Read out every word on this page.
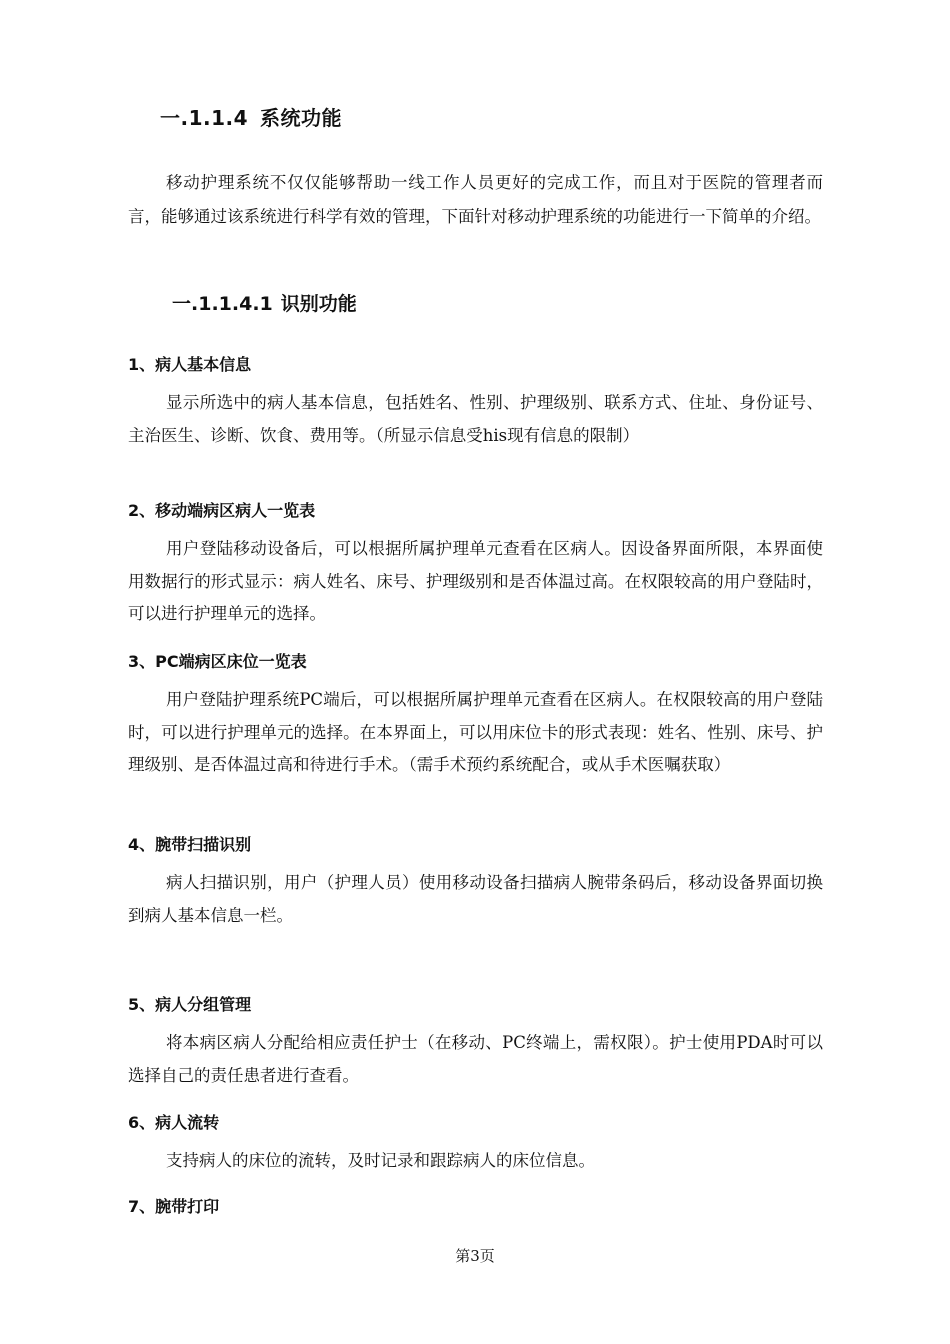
一.1.1.4 系统功能
移动护理系统不仅仅能够帮助一线工作人员更好的完成工作，而且对于医院的管理者而言，能够通过该系统进行科学有效的管理，下面针对移动护理系统的功能进行一下简单的介绍。
一.1.1.4.1 识别功能
1、病人基本信息
显示所选中的病人基本信息，包括姓名、性别、护理级别、联系方式、住址、身份证号、主治医生、诊断、饮食、费用等。（所显示信息受his现有信息的限制）
2、移动端病区病人一览表
用户登陆移动设备后，可以根据所属护理单元查看在区病人。因设备界面所限，本界面使用数据行的形式显示：病人姓名、床号、护理级别和是否体温过高。在权限较高的用户登陆时，可以进行护理单元的选择。
3、PC端病区床位一览表
用户登陆护理系统PC端后，可以根据所属护理单元查看在区病人。在权限较高的用户登陆时，可以进行护理单元的选择。在本界面上，可以用床位卡的形式表现：姓名、性别、床号、护理级别、是否体温过高和待进行手术。（需手术预约系统配合，或从手术医嘱获取）
4、腕带扫描识别
病人扫描识别，用户（护理人员）使用移动设备扫描病人腕带条码后，移动设备界面切换到病人基本信息一栏。
5、病人分组管理
将本病区病人分配给相应责任护士（在移动、PC终端上，需权限）。护士使用PDA时可以选择自己的责任患者进行查看。
6、病人流转
支持病人的床位的流转，及时记录和跟踪病人的床位信息。
7、腕带打印
第3页
